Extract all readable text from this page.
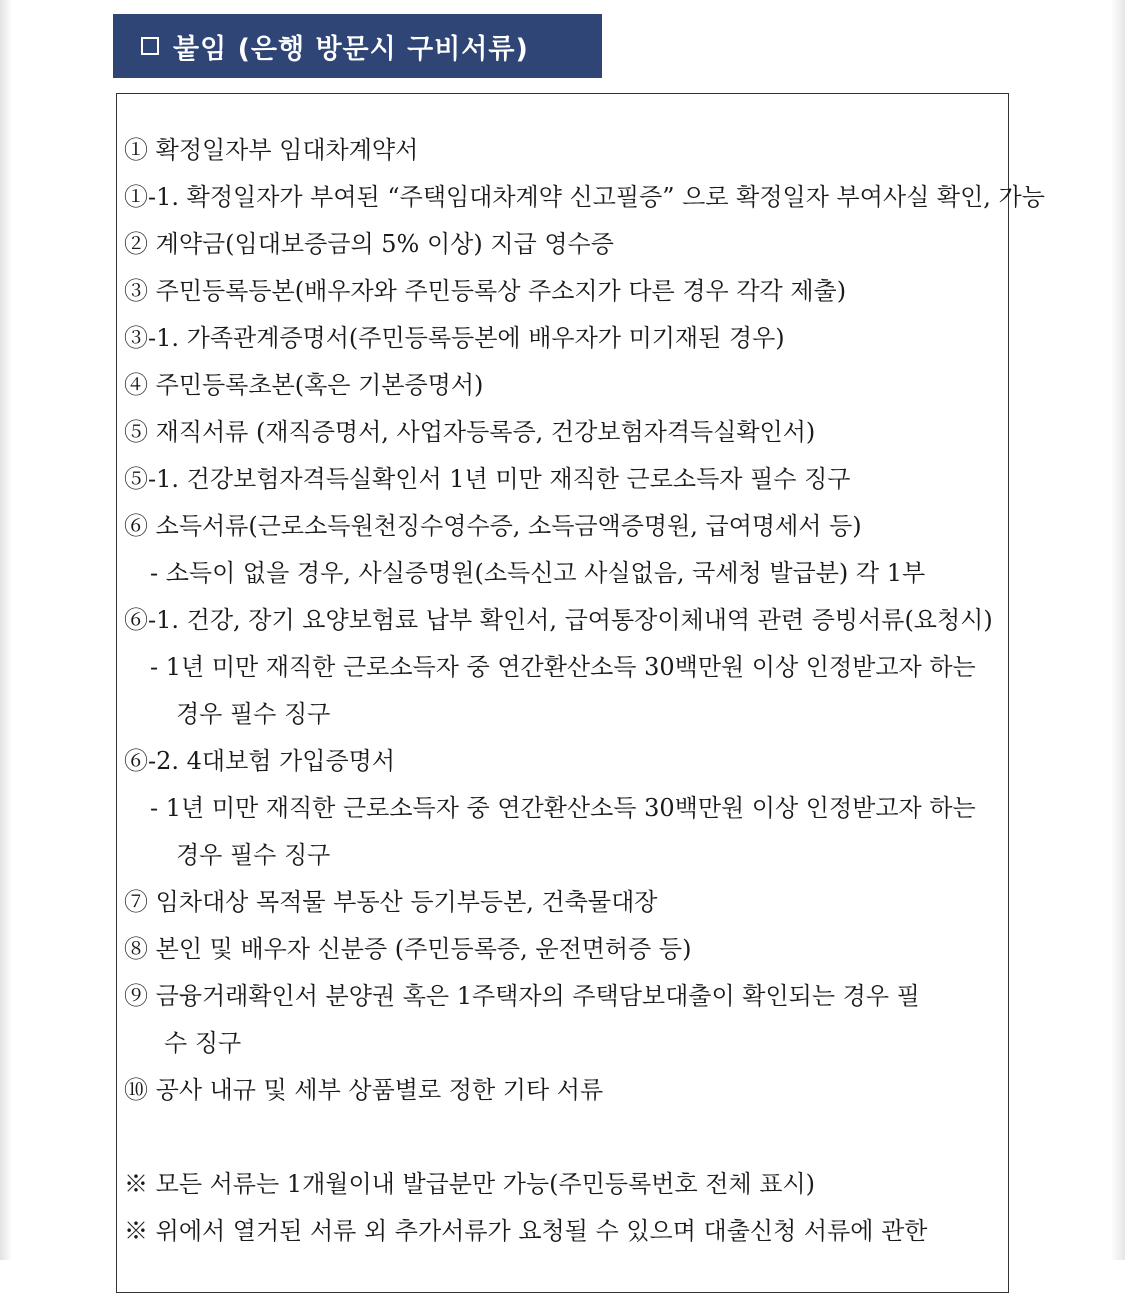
붙임 (은행 방문시 구비서류)
① 확정일자부 임대차계약서
①-1. 확정일자가 부여된 “주택임대차계약 신고필증” 으로 확정일자 부여사실 확인, 가능
② 계약금(임대보증금의 5% 이상) 지급 영수증
③ 주민등록등본(배우자와 주민등록상 주소지가 다른 경우 각각 제출)
③-1. 가족관계증명서(주민등록등본에 배우자가 미기재된 경우)
④ 주민등록초본(혹은 기본증명서)
⑤ 재직서류 (재직증명서, 사업자등록증, 건강보험자격득실확인서)
⑤-1. 건강보험자격득실확인서 1년 미만 재직한 근로소득자 필수 징구
⑥ 소득서류(근로소득원천징수영수증, 소득금액증명원, 급여명세서 등)
- 소득이 없을 경우, 사실증명원(소득신고 사실없음, 국세청 발급분) 각 1부
⑥-1. 건강, 장기 요양보험료 납부 확인서, 급여통장이체내역 관련 증빙서류(요청시)
- 1년 미만 재직한 근로소득자 중 연간환산소득 30백만원 이상 인정받고자 하는
경우 필수 징구
⑥-2. 4대보험 가입증명서
- 1년 미만 재직한 근로소득자 중 연간환산소득 30백만원 이상 인정받고자 하는
경우 필수 징구
⑦ 임차대상 목적물 부동산 등기부등본, 건축물대장
⑧ 본인 및 배우자 신분증 (주민등록증, 운전면허증 등)
⑨ 금융거래확인서 분양권 혹은 1주택자의 주택담보대출이 확인되는 경우 필
수 징구
⑩ 공사 내규 및 세부 상품별로 정한 기타 서류
※ 모든 서류는 1개월이내 발급분만 가능(주민등록번호 전체 표시)
※ 위에서 열거된 서류 외 추가서류가 요청될 수 있으며 대출신청 서류에 관한
